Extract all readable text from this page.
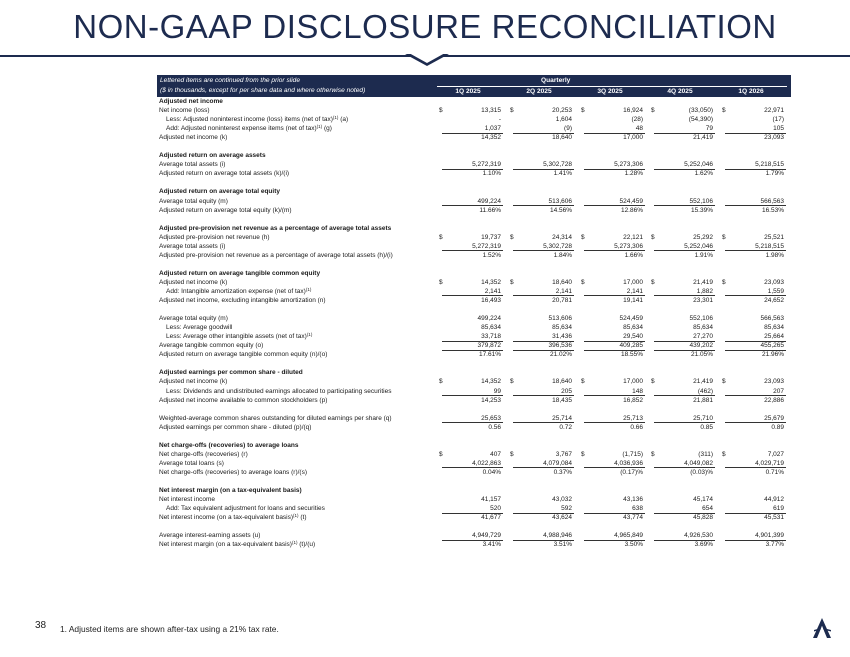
NON-GAAP DISCLOSURE RECONCILIATION
Lettered items are continued from the prior slide
($ in thousands, except for per share data and where otherwise noted)
Quarterly
1Q 2025	2Q 2025	3Q 2025	4Q 2025	1Q 2026
Adjusted net income
Net income (loss)	$	13,315 $	20,253 $	16,924 $	(33,050) $	22,971
Less: Adjusted noninterest income (loss) items (net of tax)$^{(1)}$ (a)	-	1,604	(28)	(54,390)	(17)
Add: Adjusted noninterest expense items (net of tax)$^{(1)}$ (g)	1,037	(9)	48	79	105
Adjusted net income (k)	14,352	18,640	17,000	21,419	23,093
Adjusted return on average assets
Average total assets (i)	5,272,319	5,302,728	5,273,306	5,252,046	5,218,515
Adjusted return on average total assets (k)/(i)	1.10%	1.41%	1.28%	1.62%	1.79%
Adjusted return on average total equity
Average total equity (m)	499,224	513,606	524,459	552,106	566,563
Adjusted return on average total equity (k)/(m)	11.66%	14.56%	12.86%	15.39%	16.53%
Adjusted pre-provision net revenue as a percentage of average total assets
Adjusted pre-provision net revenue (h)	$	19,737 $	24,314 $	22,121 $	25,292 $	25,521
Average total assets (i)	5,272,319	5,302,728	5,273,306	5,252,046	5,218,515
Adjusted pre-provision net revenue as a percentage of average total assets (h)/(i)	1.52%	1.84%	1.66%	1.91%	1.98%
Adjusted return on average tangible common equity
Adjusted net income (k)	$	14,352 $	18,640 $	17,000 $	21,419 $	23,093
Add: Intangible amortization expense (net of tax)$^{(1)}$	2,141	2,141	2,141	1,882	1,559
Adjusted net income, excluding intangible amortization (n)	16,493	20,781	19,141	23,301	24,652
Average total equity (m)	499,224	513,606	524,459	552,106	566,563
Less: Average goodwill	85,634	85,634	85,634	85,634	85,634
Less: Average other intangible assets (net of tax)$^{(1)}$	33,718	31,436	29,540	27,270	25,664
Average tangible common equity (o)	379,872	396,536	409,285	439,202	455,265
Adjusted return on average tangible common equity (n)/(o)	17.61%	21.02%	18.55%	21.05%	21.96%
Adjusted earnings per common share - diluted
Adjusted net income (k)	$	14,352 $	18,640 $	17,000 $	21,419 $	23,093
Less: Dividends and undistributed earnings allocated to participating securities	99	205	148	(462)	207
Adjusted net income available to common stockholders (p)	14,253	18,435	16,852	21,881	22,886
Weighted-average common shares outstanding for diluted earnings per share (q)	25,653	25,714	25,713	25,710	25,679
Adjusted earnings per common share - diluted (p)/(q)	0.56	0.72	0.66	0.85	0.89
Net charge-offs (recoveries) to average loans
Net charge-offs (recoveries) (r)	$	407 $	3,767 $	(1,715) $	(311) $	7,027
Average total loans (s)	4,022,863	4,079,084	4,036,936	4,049,082	4,029,719
Net charge-offs (recoveries) to average loans (r)/(s)	0.04%	0.37%	(0.17)%	(0.03)%	0.71%
Net interest margin (on a tax-equivalent basis)
Net interest income	41,157	43,032	43,136	45,174	44,912
Add: Tax equivalent adjustment for loans and securities	520	592	638	654	619
Net interest income (on a tax-equivalent basis)$^{(1)}$ (t)	41,677	43,624	43,774	45,828	45,531
Average interest-earning assets (u)	4,949,729	4,988,946	4,965,849	4,926,530	4,901,399
Net interest margin (on a tax-equivalent basis)$^{(1)}$ (t)/(u)	3.41%	3.51%	3.50%	3.69%	3.77%
38 1. Adjusted items are shown after-tax using a 21% tax rate.
